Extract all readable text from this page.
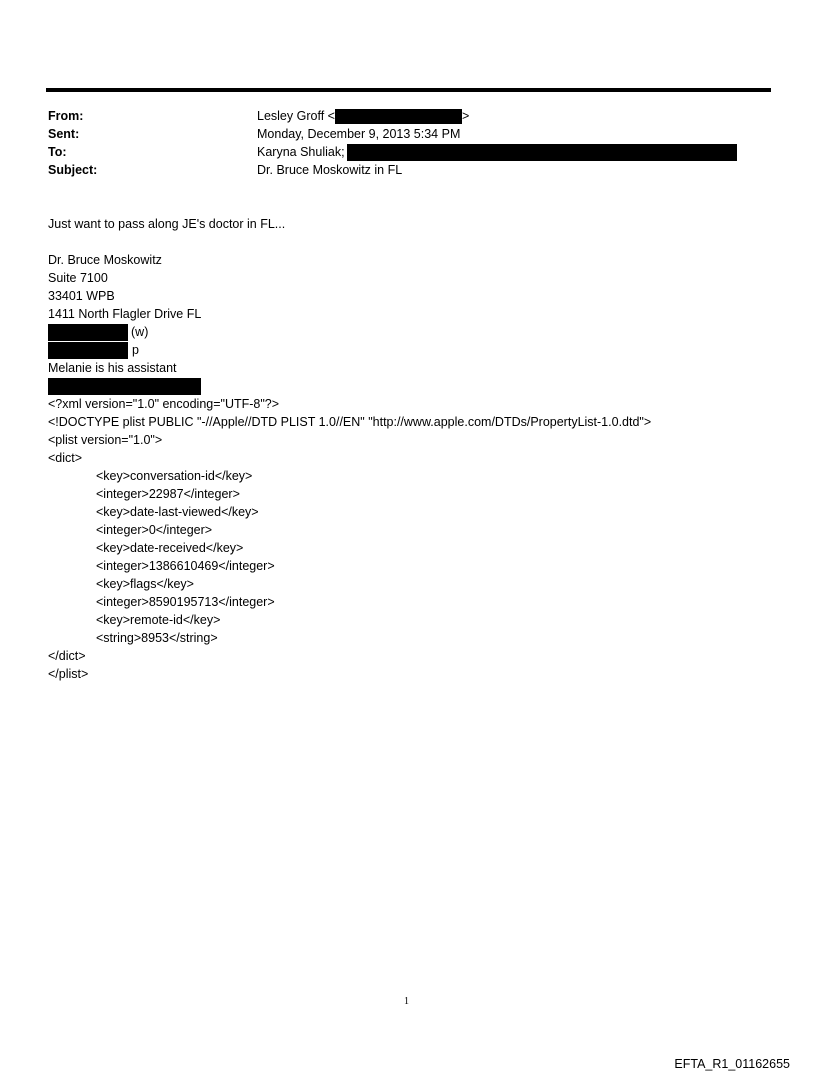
From:	Lesley Groff <	>
Sent:	Monday, December 9, 2013 5:34 PM
To:	Karyna Shuliak;
Subject:	Dr. Bruce Moskowitz in FL
Just want to pass along JE's doctor in FL...
Dr. Bruce Moskowitz
Suite 7100
33401 WPB
1411 North Flagler Drive FL
(w)
p
Melanie is his assistant
<?xml version="1.0" encoding="UTF-8"?>
<!DOCTYPE plist PUBLIC "-//Apple//DTD PLIST 1.0//EN" "http://www.apple.com/DTDs/PropertyList-1.0.dtd">
<plist version="1.0">
<dict>
<key>conversation-id</key>
<integer>22987</integer>
<key>date-last-viewed</key>
<integer>0</integer>
<key>date-received</key>
<integer>1386610469</integer>
<key>flags</key>
<integer>8590195713</integer>
<key>remote-id</key>
<string>8953</string>
</dict>
</plist>
1
EFTA_R1_01162655
